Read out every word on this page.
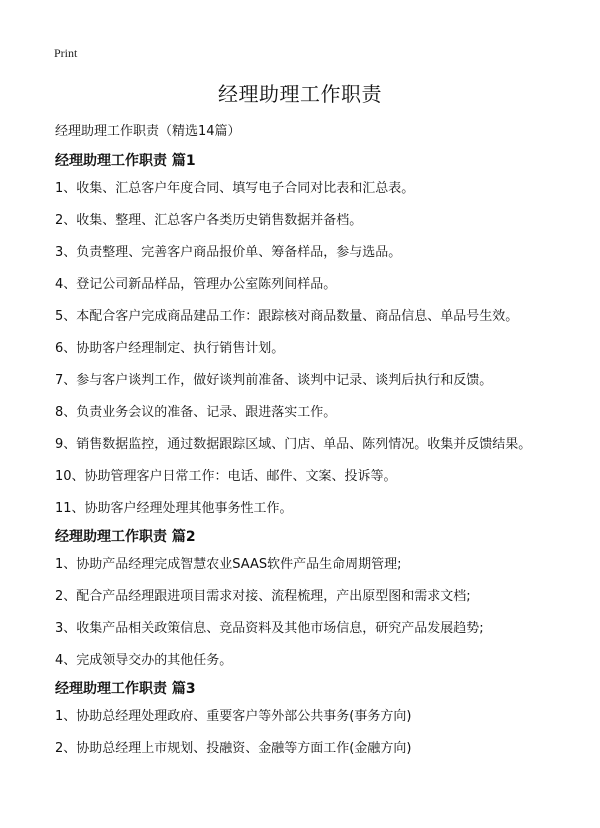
Print
经理助理工作职责
经理助理工作职责（精选14篇）
经理助理工作职责 篇1

1、收集、汇总客户年度合同、填写电子合同对比表和汇总表。

2、收集、整理、汇总客户各类历史销售数据并备档。

3、负责整理、完善客户商品报价单、筹备样品，参与选品。

4、登记公司新品样品，管理办公室陈列间样品。

5、本配合客户完成商品建品工作：跟踪核对商品数量、商品信息、单品号生效。

6、协助客户经理制定、执行销售计划。

7、参与客户谈判工作，做好谈判前准备、谈判中记录、谈判后执行和反馈。

8、负责业务会议的准备、记录、跟进落实工作。

9、销售数据监控，通过数据跟踪区域、门店、单品、陈列情况。收集并反馈结果。

10、协助管理客户日常工作：电话、邮件、文案、投诉等。

11、协助客户经理处理其他事务性工作。

经理助理工作职责 篇2

1、协助产品经理完成智慧农业SAAS软件产品生命周期管理;

2、配合产品经理跟进项目需求对接、流程梳理，产出原型图和需求文档;

3、收集产品相关政策信息、竞品资料及其他市场信息，研究产品发展趋势;

4、完成领导交办的其他任务。

经理助理工作职责 篇3

1、协助总经理处理政府、重要客户等外部公共事务(事务方向)

2、协助总经理上市规划、投融资、金融等方面工作(金融方向)
